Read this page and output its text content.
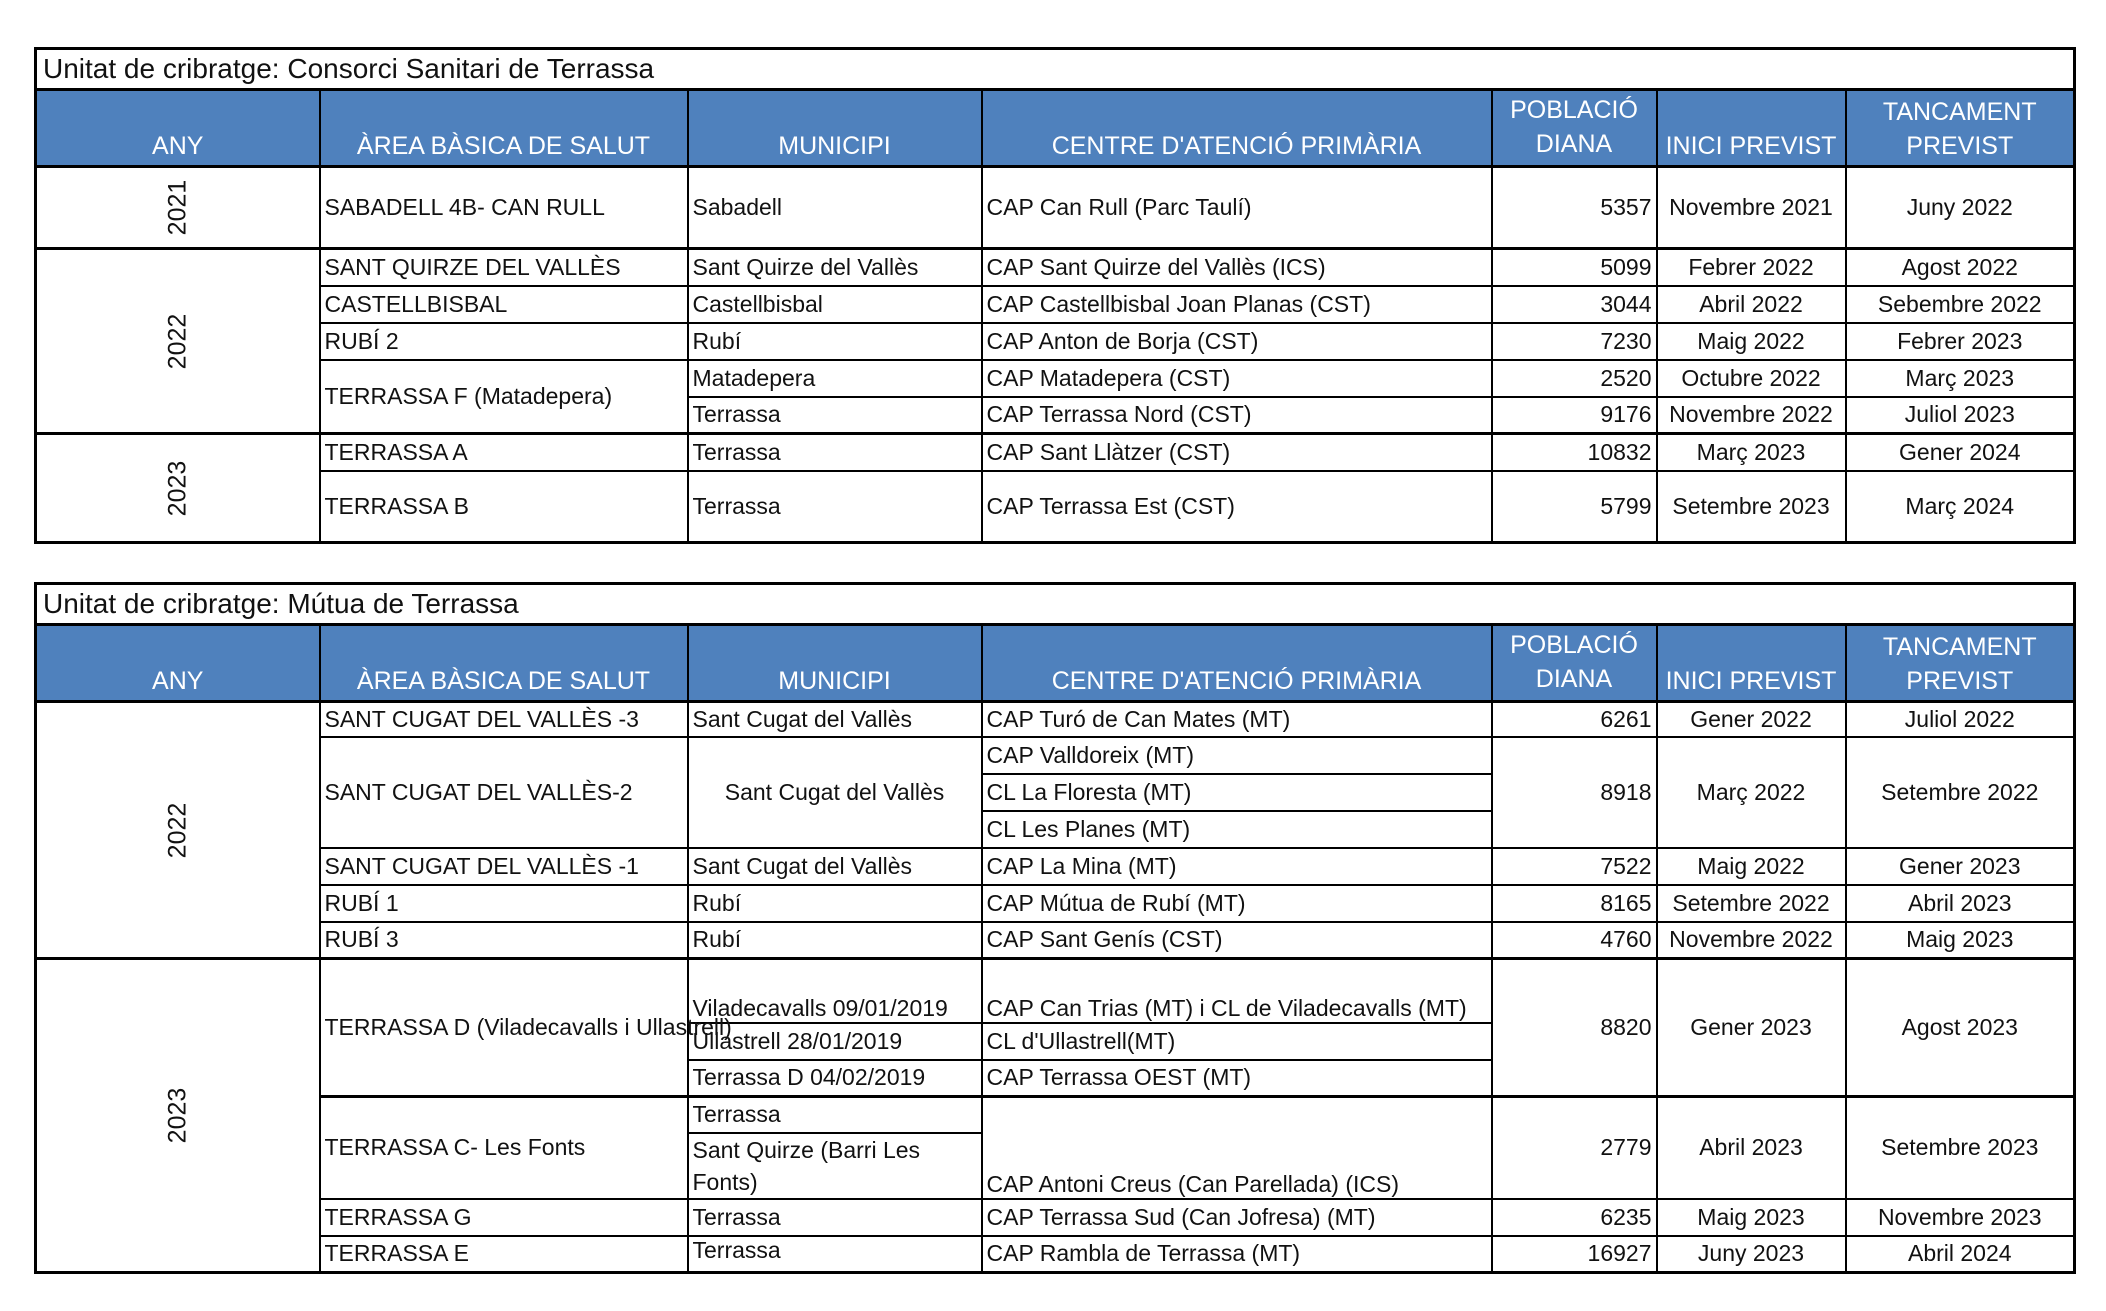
Unitat de cribratge: Consorci Sanitari de Terrassa						
ANY	ÀREA BÀSICA DE SALUT	MUNICIPI	CENTRE D'ATENCIÓ PRIMÀRIA	POBLACIÓ
DIANA	INICI PREVIST	TANCAMENT
PREVIST
2021	SABADELL 4B- CAN RULL	Sabadell	CAP Can Rull (Parc Taulí)	5357	Novembre 2021	Juny 2022
2022	SANT QUIRZE DEL VALLÈS	Sant Quirze del Vallès	CAP Sant Quirze del Vallès (ICS)	5099	Febrer 2022	Agost 2022
	CASTELLBISBAL	Castellbisbal	CAP Castellbisbal Joan Planas (CST)	3044	Abril 2022	Sebembre 2022
	RUBÍ 2	Rubí	CAP Anton de Borja (CST)	7230	Maig 2022	Febrer 2023
	TERRASSA F (Matadepera)	Matadepera	CAP Matadepera (CST)	2520	Octubre 2022	Març 2023
		Terrassa	CAP Terrassa Nord (CST)	9176	Novembre 2022	Juliol 2023
2023	TERRASSA A	Terrassa	CAP Sant Llàtzer (CST)	10832	Març 2023	Gener 2024
	TERRASSA B	Terrassa	CAP Terrassa Est (CST)	5799	Setembre 2023	Març 2024
Unitat de cribratge: Mútua de Terrassa						
ANY	ÀREA BÀSICA DE SALUT	MUNICIPI	CENTRE D'ATENCIÓ PRIMÀRIA	POBLACIÓ
DIANA	INICI PREVIST	TANCAMENT
PREVIST
2022	SANT CUGAT DEL VALLÈS -3	Sant Cugat del Vallès	CAP Turó de Can Mates (MT)	6261	Gener 2022	Juliol 2022
	SANT CUGAT DEL VALLÈS-2	Sant Cugat del Vallès	CAP Valldoreix (MT)	8918	Març 2022	Setembre 2022
			CL La Floresta (MT)			
			CL Les Planes (MT)			
	SANT CUGAT DEL VALLÈS -1	Sant Cugat del Vallès	CAP La Mina (MT)	7522	Maig 2022	Gener 2023
	RUBÍ 1	Rubí	CAP Mútua de Rubí (MT)	8165	Setembre 2022	Abril 2023
	RUBÍ 3	Rubí	CAP Sant Genís (CST)	4760	Novembre 2022	Maig 2023
2023	TERRASSA D (Viladecavalls i Ullastrell)	Viladecavalls 09/01/2019	CAP Can Trias (MT) i CL de Viladecavalls (MT)	8820	Gener 2023	Agost 2023
		Ullastrell 28/01/2019	CL d'Ullastrell(MT)			
		Terrassa D 04/02/2019	CAP Terrassa OEST (MT)			
	TERRASSA C- Les Fonts	Terrassa	CAP Antoni Creus (Can Parellada) (ICS)	2779	Abril 2023	Setembre 2023
		Sant Quirze (Barri Les Fonts)				
	TERRASSA G	Terrassa	CAP Terrassa Sud (Can Jofresa) (MT)	6235	Maig 2023	Novembre 2023
	TERRASSA E	Terrassa	CAP Rambla de Terrassa (MT)	16927	Juny 2023	Abril 2024
